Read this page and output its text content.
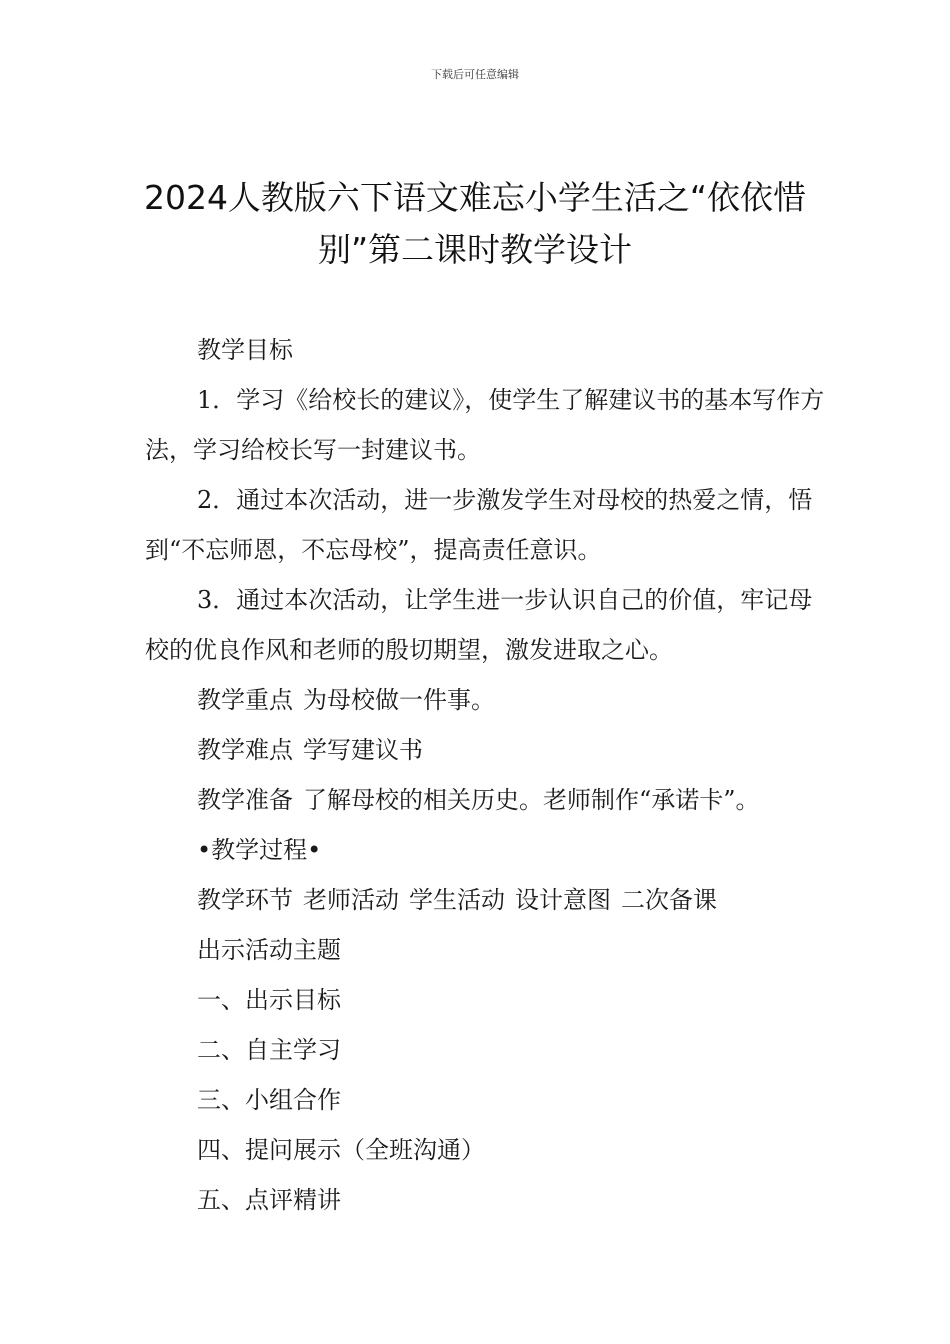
下载后可任意编辑
2024人教版六下语文难忘小学生活之“依依惜别”第二课时教学设计

教学目标

1．学习《给校长的建议》，使学生了解建议书的基本写作方法，学习给校长写一封建议书。

2．通过本次活动，进一步激发学生对母校的热爱之情，悟到“不忘师恩，不忘母校”，提高责任意识。

3．通过本次活动，让学生进一步认识自己的价值，牢记母校的优良作风和老师的殷切期望，激发进取之心。

教学重点 为母校做一件事。

教学难点 学写建议书

教学准备 了解母校的相关历史。老师制作“承诺卡”。

•教学过程•

教学环节 老师活动 学生活动 设计意图 二次备课

出示活动主题

一、出示目标

二、自主学习

三、小组合作

四、提问展示（全班沟通）

五、点评精讲
